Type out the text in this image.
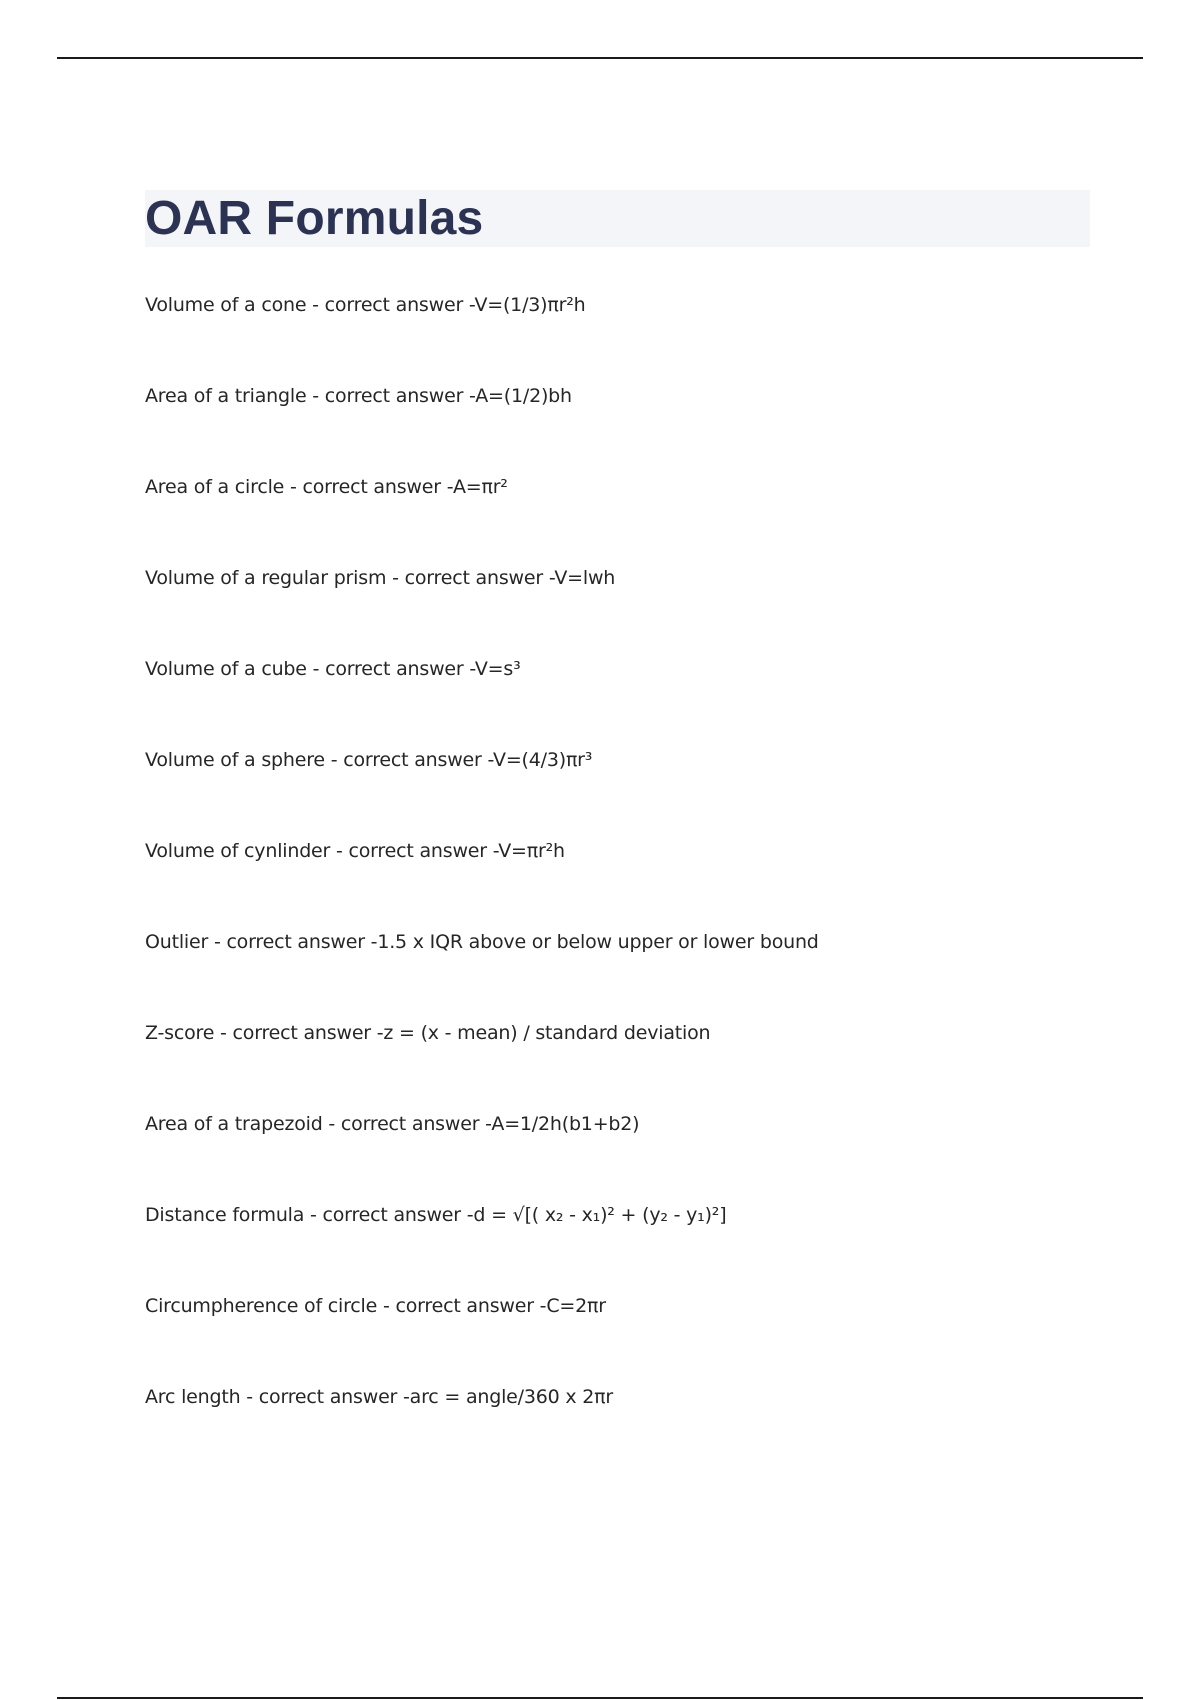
OAR Formulas
Volume of a cone - correct answer -V=(1/3)πr²h
Area of a triangle - correct answer -A=(1/2)bh
Area of a circle - correct answer -A=πr²
Volume of a regular prism - correct answer -V=lwh
Volume of a cube - correct answer -V=s³
Volume of a sphere - correct answer -V=(4/3)πr³
Volume of cynlinder - correct answer -V=πr²h
Outlier - correct answer -1.5 x IQR above or below upper or lower bound
Z-score - correct answer -z = (x - mean) / standard deviation
Area of a trapezoid - correct answer -A=1/2h(b1+b2)
Distance formula - correct answer -d = √[( x₂ - x₁)² + (y₂ - y₁)²]
Circumpherence of circle - correct answer -C=2πr
Arc length - correct answer -arc = angle/360 x 2πr
